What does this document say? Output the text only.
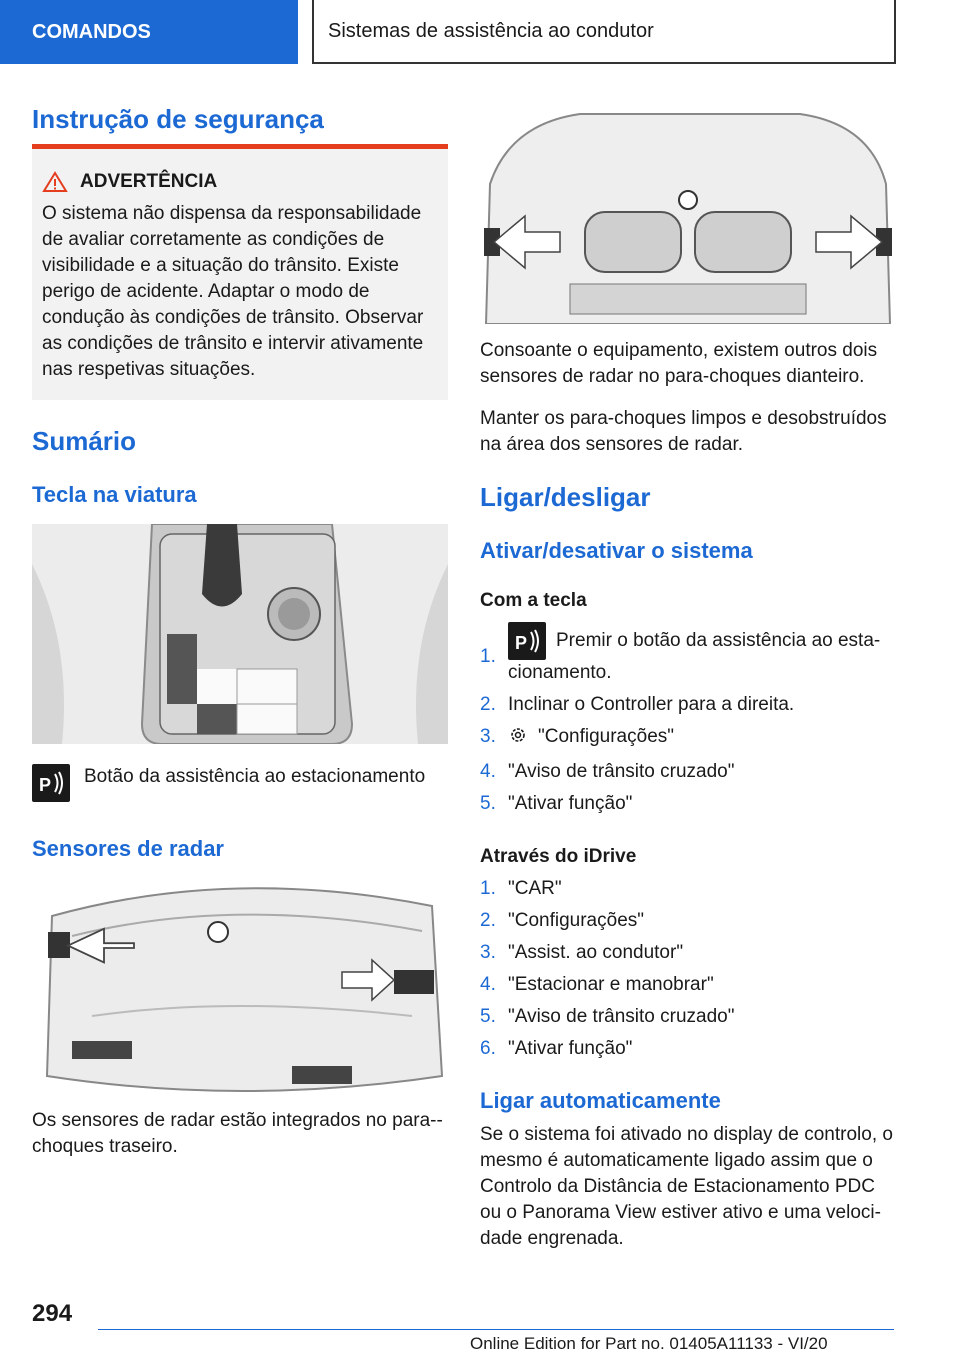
COMANDOS	Sistemas de assistência ao condutor
Instrução de segurança
ADVERTÊNCIA
O sistema não dispensa da responsabilidade de avaliar corretamente as condições de visibilidade e a situação do trânsito. Existe perigo de acidente. Adaptar o modo de condução às condições de trânsito. Observar as condições de trânsito e intervir ativamente nas respetivas situações.
Sumário
Tecla na viatura
P Botão da assistência ao estacionamento
Sensores de radar
Os sensores de radar estão integrados no para-choques traseiro.
Consoante o equipamento, existem outros dois sensores de radar no para-choques dianteiro.
Manter os para-choques limpos e desobstruídos na área dos sensores de radar.
Ligar/desligar
Ativar/desativar o sistema
Com a tecla
1.
P Premir o botão da assistência ao estacionamento.
2. Inclinar o Controller para a direita.
3. "Configurações"
4. "Aviso de trânsito cruzado"
5. "Ativar função"
Através do iDrive
1. "CAR"
2. "Configurações"
3. "Assist. ao condutor"
4. "Estacionar e manobrar"
5. "Aviso de trânsito cruzado"
6. "Ativar função"
Ligar automaticamente
Se o sistema foi ativado no display de controlo, o mesmo é automaticamente ligado assim que o Controlo da Distância de Estacionamento PDC ou o Panorama View estiver ativo e uma velocidade engrenada.
294
Online Edition for Part no. 01405A11133 - VI/20
